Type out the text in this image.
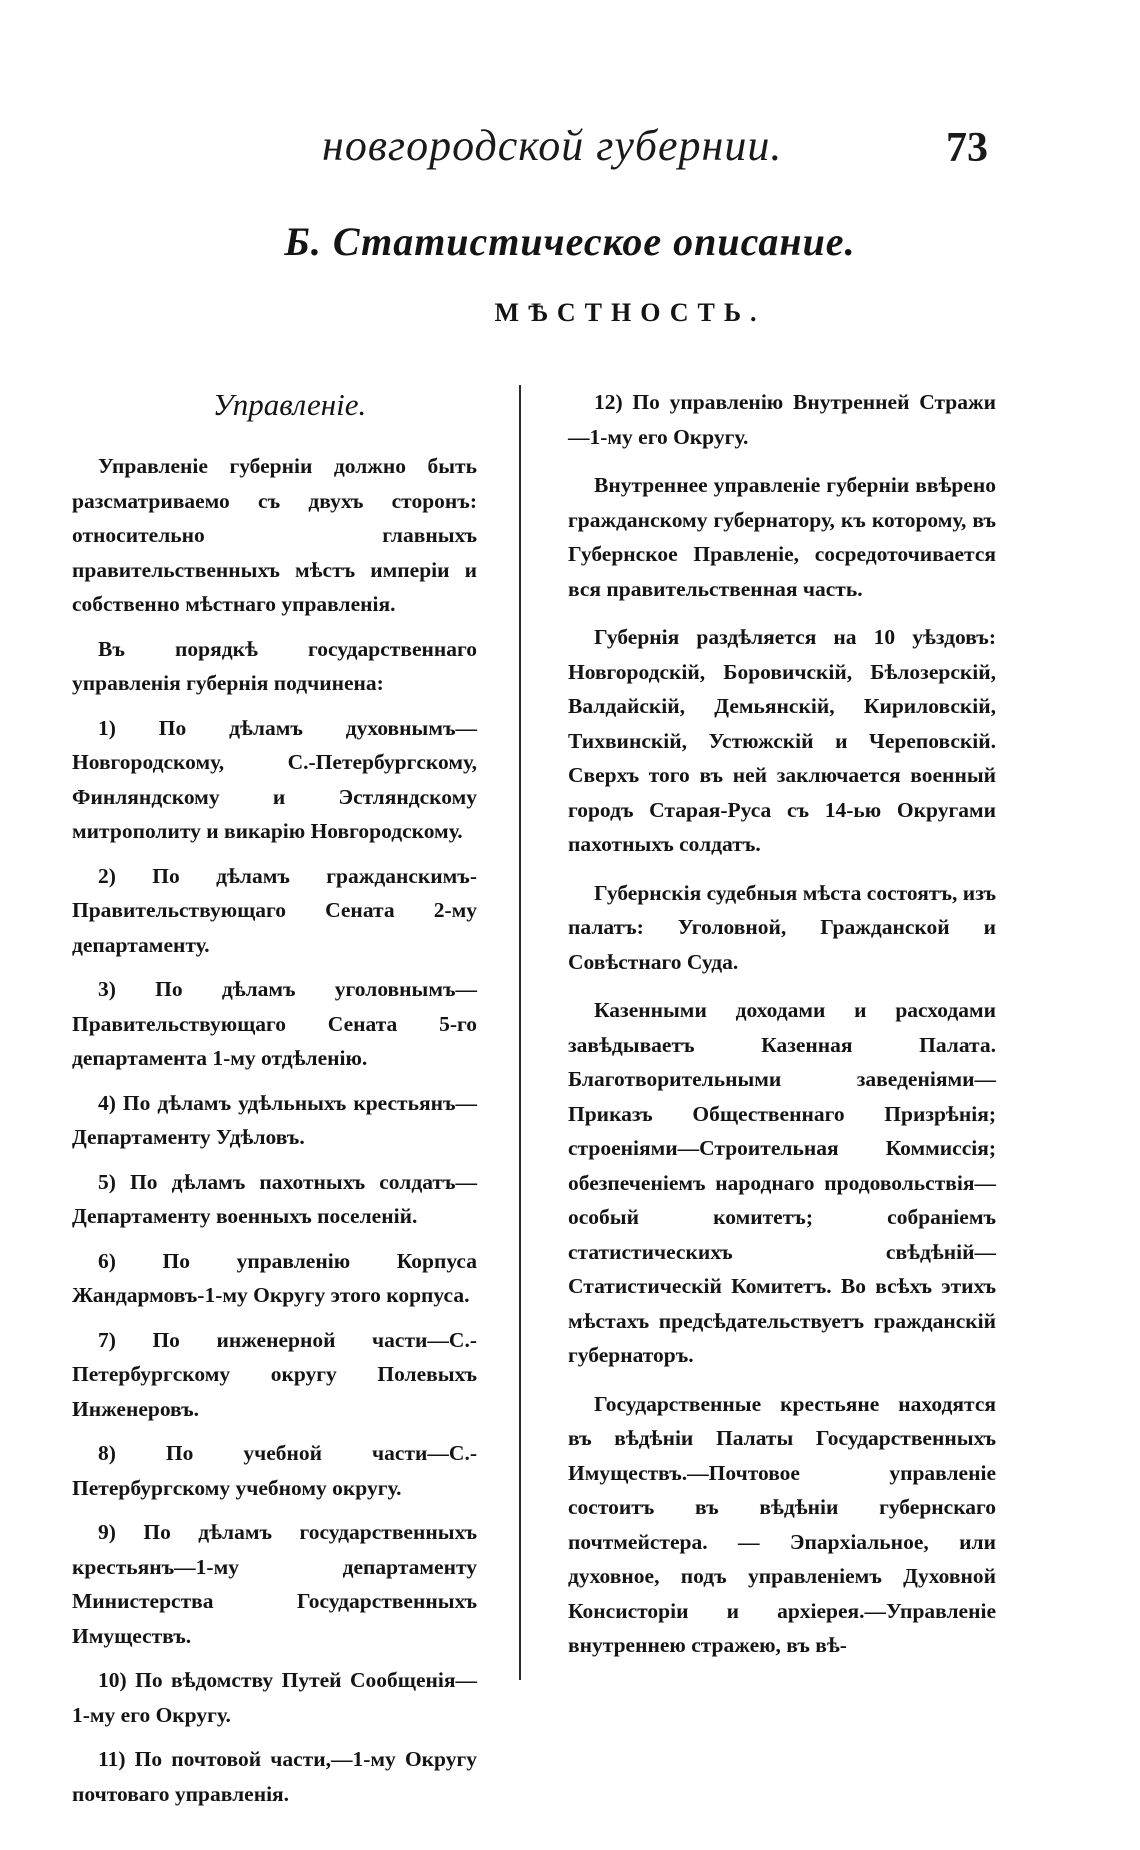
новгородской губернии.	73
Б. Статистическое описание.
МѢСТНОСТЬ.
Управленіе.

Управленіе губерніи должно быть разсматриваемо съ двухъ сторонъ: относительно главныхъ правительственныхъ мѣстъ имперіи и собственно мѣстнаго управленія.

Въ порядкѣ государственнаго управленія губернія подчинена:

1) По дѣламъ духовнымъ—Новгородскому, С.-Петербургскому, Финляндскому и Эстляндскому митрополиту и викарію Новгородскому.

2) По дѣламъ гражданскимъ-Правительствующаго Сената 2-му департаменту.

3) По дѣламъ уголовнымъ—Правительствующаго Сената 5-го департамента 1-му отдѣленію.

4) По дѣламъ удѣльныхъ крестьянъ—Департаменту Удѣловъ.

5) По дѣламъ пахотныхъ солдатъ—Департаменту военныхъ поселеній.

6) По управленію Корпуса Жандармовъ-1-му Округу этого корпуса.

7) По инженерной части—С.-Петербургскому округу Полевыхъ Инженеровъ.

8) По учебной части—С.-Петербургскому учебному округу.

9) По дѣламъ государственныхъ крестьянъ—1-му департаменту Министерства Государственныхъ Имуществъ.

10) По вѣдомству Путей Сообщенія—1-му его Округу.

11) По почтовой части,—1-му Округу почтоваго управленія.

12) По управленію Внутренней Стражи—1-му его Округу.

Внутреннее управленіе губерніи ввѣрено гражданскому губернатору, къ которому, въ Губернское Правленіе, сосредоточивается вся правительственная часть.

Губернія раздѣляется на 10 уѣздовъ: Новгородскій, Боровичскій, Бѣлозерскій, Валдайскій, Демьянскій, Кириловскій, Тихвинскій, Устюжскій и Череповскій. Сверхъ того въ ней заключается военный городъ Старая-Руса съ 14-ью Округами пахотныхъ солдатъ.

Губернскія судебныя мѣста состоятъ, изъ палатъ: Уголовной, Гражданской и Совѣстнаго Суда.

Казенными доходами и расходами завѣдываетъ Казенная Палата. Благотворительными заведеніями—Приказъ Общественнаго Призрѣнія; строеніями—Строительная Коммиссія; обезпеченіемъ народнаго продовольствія—особый комитетъ; собраніемъ статистическихъ свѣдѣній—Статистическій Комитетъ. Во всѣхъ этихъ мѣстахъ предсѣдательствуетъ гражданскій губернаторъ.

Государственные крестьяне находятся въ вѣдѣніи Палаты Государственныхъ Имуществъ.—Почтовое управленіе состоитъ въ вѣдѣніи губернскаго почтмейстера. — Эпархіальное, или духовное, подъ управленіемъ Духовной Консисторіи и архіерея.—Управленіе внутреннею стражею, въ вѣ-
